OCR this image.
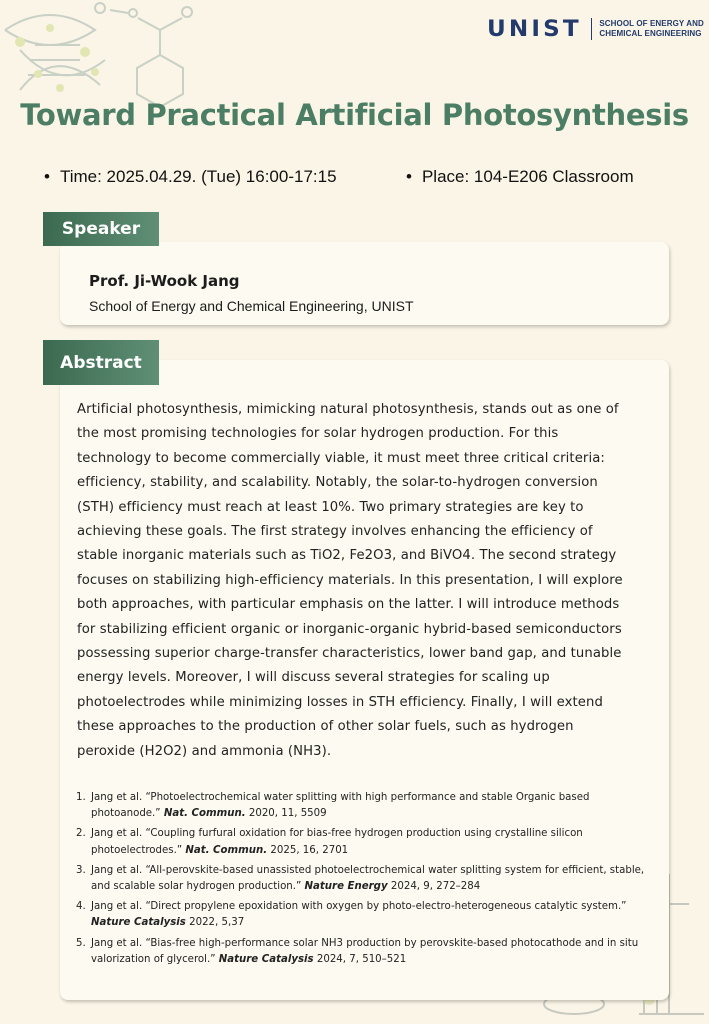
UNIST SCHOOL OF ENERGY AND
CHEMICAL ENGINEERING
Toward Practical Artificial Photosynthesis
• Time: 2025.04.29. (Tue) 16:00-17:15	• Place: 104-E206 Classroom
Speaker
Prof. Ji-Wook Jang
School of Energy and Chemical Engineering, UNIST
Abstract
Artificial photosynthesis, mimicking natural photosynthesis, stands out as one of
the most promising technologies for solar hydrogen production. For this
technology to become commercially viable, it must meet three critical criteria:
efficiency, stability, and scalability. Notably, the solar-to-hydrogen conversion
(STH) efficiency must reach at least 10%. Two primary strategies are key to
achieving these goals. The first strategy involves enhancing the efficiency of
stable inorganic materials such as TiO2, Fe2O3, and BiVO4. The second strategy
focuses on stabilizing high-efficiency materials. In this presentation, I will explore
both approaches, with particular emphasis on the latter. I will introduce methods
for stabilizing efficient organic or inorganic-organic hybrid-based semiconductors
possessing superior charge-transfer characteristics, lower band gap, and tunable
energy levels. Moreover, I will discuss several strategies for scaling up
photoelectrodes while minimizing losses in STH efficiency. Finally, I will extend
these approaches to the production of other solar fuels, such as hydrogen
peroxide (H2O2) and ammonia (NH3).
1. Jang et al. “Photoelectrochemical water splitting with high performance and stable Organic based photoanode.” Nat. Commun. 2020, 11, 5509
2. Jang et al. “Coupling furfural oxidation for bias-free hydrogen production using crystalline silicon photoelectrodes.” Nat. Commun. 2025, 16, 2701
3. Jang et al. “All-perovskite-based unassisted photoelectrochemical water splitting system for efficient, stable, and scalable solar hydrogen production.” Nature Energy 2024, 9, 272–284
4. Jang et al. “Direct propylene epoxidation with oxygen by photo-electro-heterogeneous catalytic system.” Nature Catalysis 2022, 5,37
5. Jang et al. “Bias-free high-performance solar NH3 production by perovskite-based photocathode and in situ valorization of glycerol.” Nature Catalysis 2024, 7, 510–521
